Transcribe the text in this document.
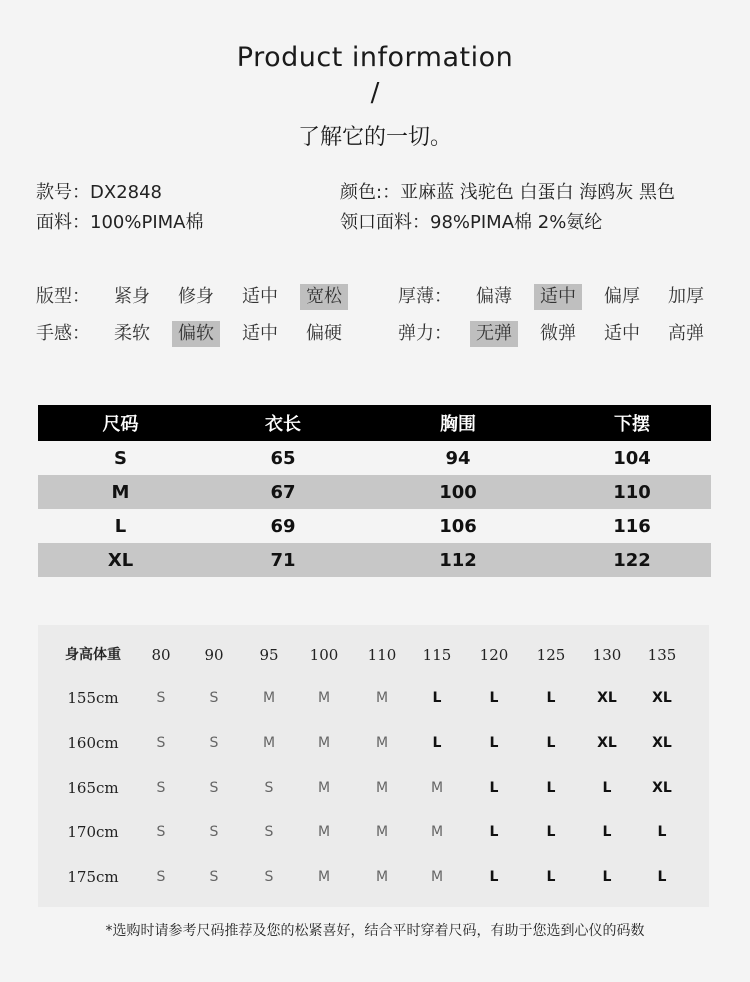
Product information
/
了解它的一切。
款号：DX2848
面料：100%PIMA棉
颜色:：亚麻蓝 浅驼色 白蛋白 海鸥灰 黑色
领口面料：98%PIMA棉 2%氨纶
版型：	紧身	修身	适中	宽松	厚薄：	偏薄	适中	偏厚	加厚
手感：	柔软	偏软	适中	偏硬	弹力：	无弹	微弹	适中	高弹
尺码	衣长	胸围	下摆
S	65	94	104
M	67	100	110
L	69	106	116
XL	71	112	122
身高体重 80 90 95 100 110 115 120 125 130 135
155cm	S	S	M	M	M	L	L	L	XL	XL
160cm	S	S	M	M	M	L	L	L	XL	XL
165cm	S	S	S	M	M	M	L	L	L	XL
170cm	S	S	S	M	M	M	L	L	L	L
175cm	S	S	S	M	M	M	L	L	L	L
*选购时请参考尺码推荐及您的松紧喜好，结合平时穿着尺码，有助于您选到心仪的码数
